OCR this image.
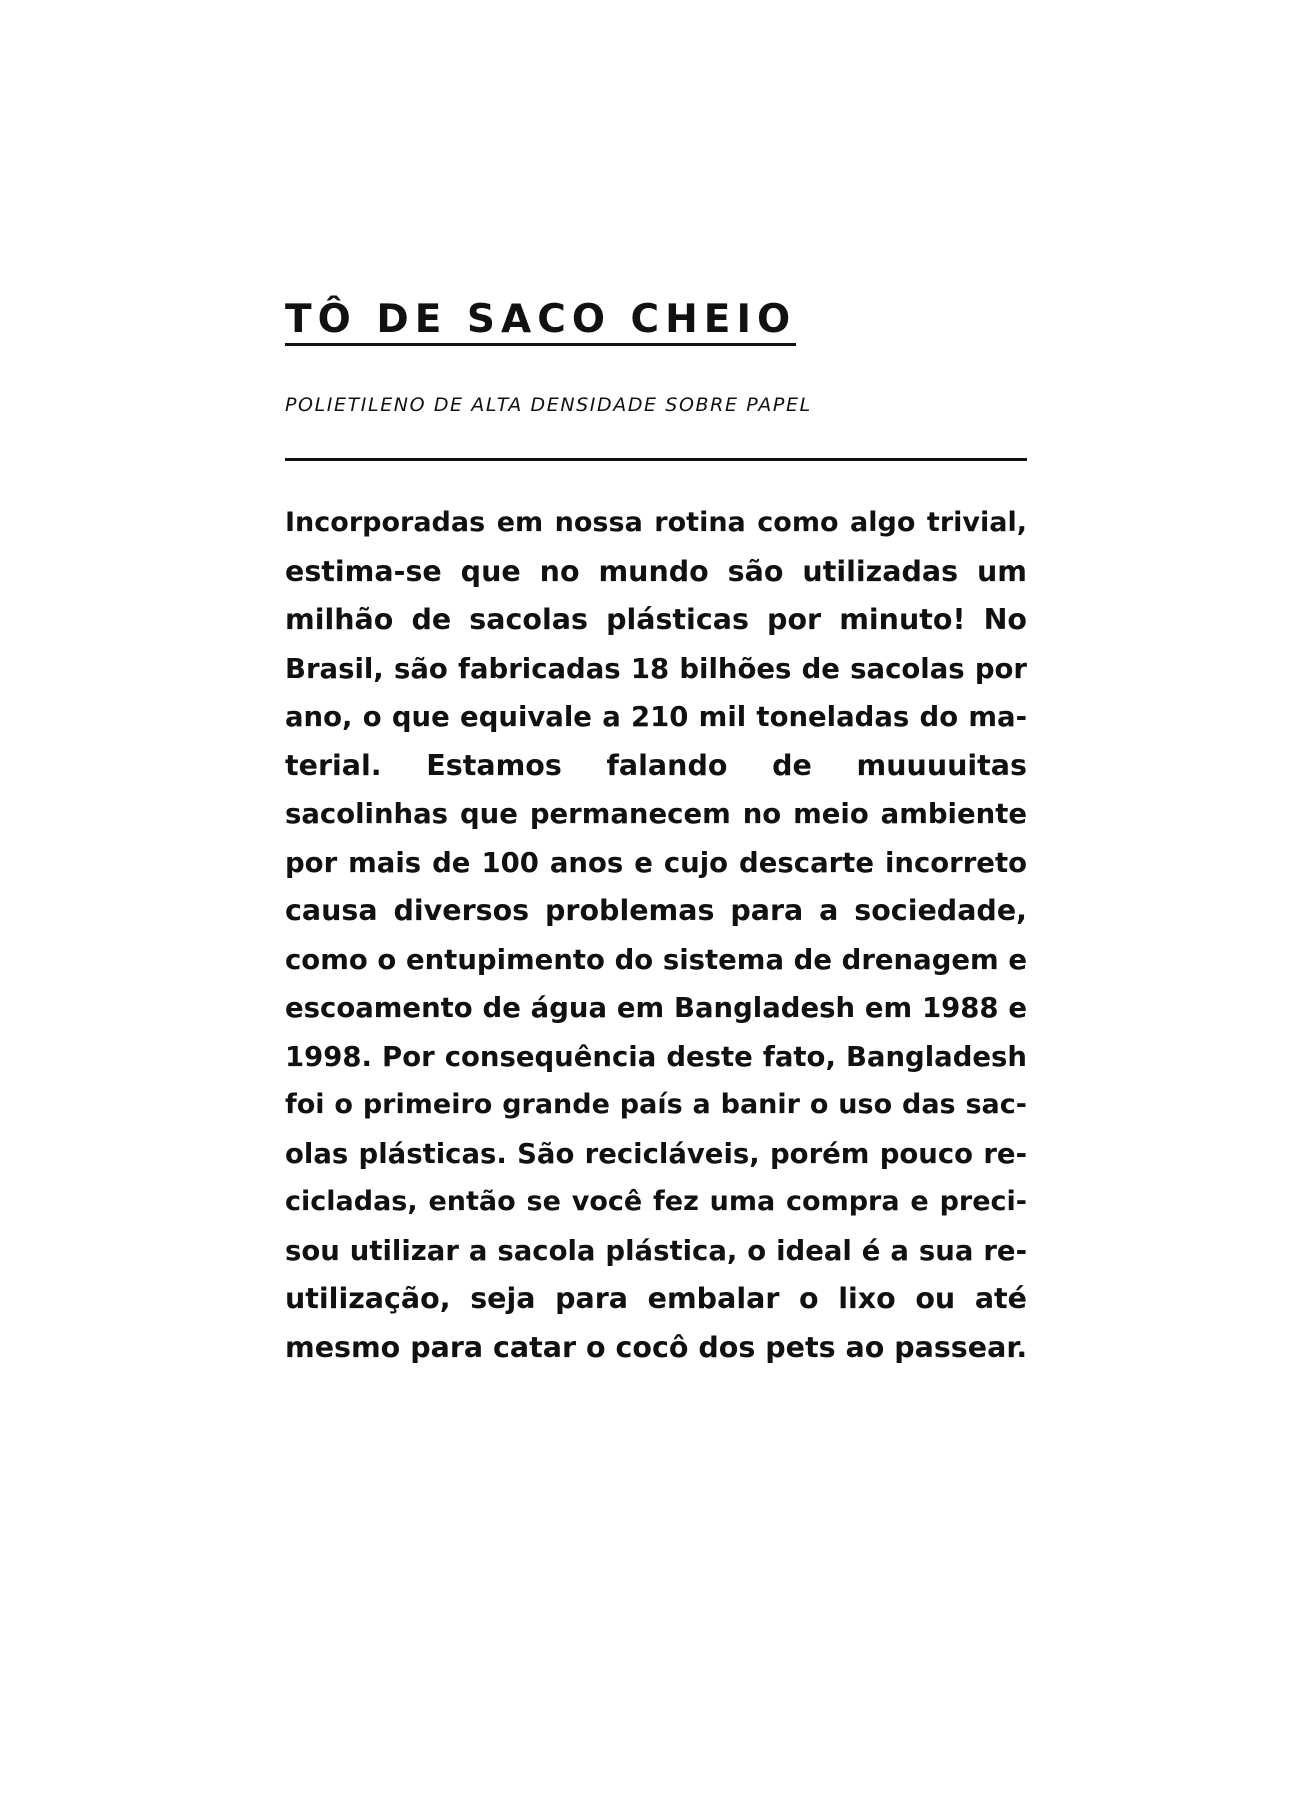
TÔ DE SACO CHEIO
POLIETILENO DE ALTA DENSIDADE SOBRE PAPEL
Incorporadas em nossa rotina como algo trivial,
estima-se que no mundo são utilizadas um
milhão de sacolas plásticas por minuto! No
Brasil, são fabricadas 18 bilhões de sacolas por
ano, o que equivale a 210 mil toneladas do ma-
terial. Estamos falando de muuuuitas
sacolinhas que permanecem no meio ambiente
por mais de 100 anos e cujo descarte incorreto
causa diversos problemas para a sociedade,
como o entupimento do sistema de drenagem e
escoamento de água em Bangladesh em 1988 e
1998. Por consequência deste fato, Bangladesh
foi o primeiro grande país a banir o uso das sac-
olas plásticas. São recicláveis, porém pouco re-
cicladas, então se você fez uma compra e preci-
sou utilizar a sacola plástica, o ideal é a sua re-
utilização, seja para embalar o lixo ou até
mesmo para catar o cocô dos pets ao passear.
